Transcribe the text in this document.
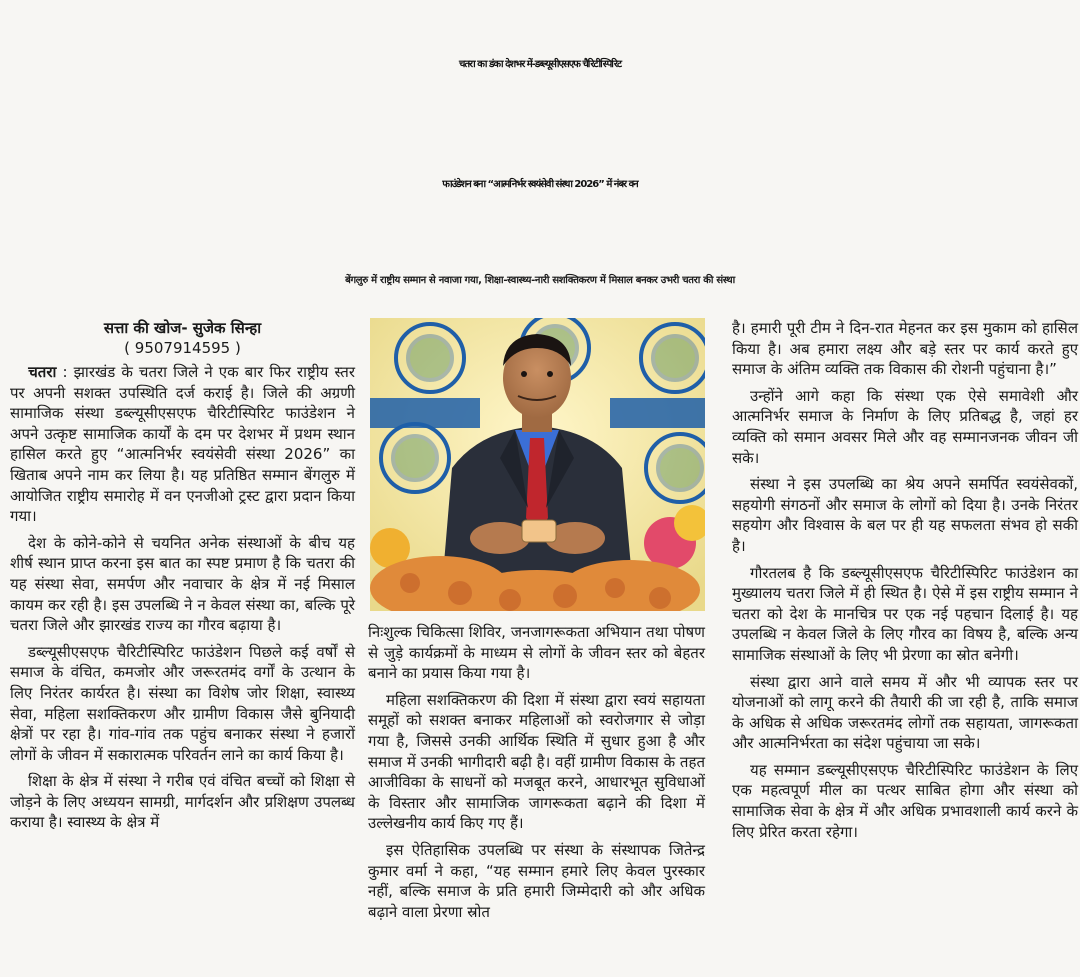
चतरा का डंका देशभर में-डब्ल्यूसीएसएफ चैरिटीस्पिरिट
फाउंडेशन बना “आत्मनिर्भर स्वयंसेवी संस्था 2026” में नंबर वन
बेंगलुरु में राष्ट्रीय सम्मान से नवाजा गया, शिक्षा-स्वास्थ्य-नारी सशक्तिकरण में मिसाल बनकर उभरी चतरा की संस्था
सत्ता की खोज- सुजेक सिन्हा
( 9507914595 )

चतरा : झारखंड के चतरा जिले ने एक बार फिर राष्ट्रीय स्तर पर अपनी सशक्त उपस्थिति दर्ज कराई है। जिले की अग्रणी सामाजिक संस्था डब्ल्यूसीएसएफ चैरिटीस्पिरिट फाउंडेशन ने अपने उत्कृष्ट सामाजिक कार्यों के दम पर देशभर में प्रथम स्थान हासिल करते हुए “आत्मनिर्भर स्वयंसेवी संस्था 2026” का खिताब अपने नाम कर लिया है। यह प्रतिष्ठित सम्मान बेंगलुरु में आयोजित राष्ट्रीय समारोह में वन एनजीओ ट्रस्ट द्वारा प्रदान किया गया।

देश के कोने-कोने से चयनित अनेक संस्थाओं के बीच यह शीर्ष स्थान प्राप्त करना इस बात का स्पष्ट प्रमाण है कि चतरा की यह संस्था सेवा, समर्पण और नवाचार के क्षेत्र में नई मिसाल कायम कर रही है। इस उपलब्धि ने न केवल संस्था का, बल्कि पूरे चतरा जिले और झारखंड राज्य का गौरव बढ़ाया है।

डब्ल्यूसीएसएफ चैरिटीस्पिरिट फाउंडेशन पिछले कई वर्षों से समाज के वंचित, कमजोर और जरूरतमंद वर्गों के उत्थान के लिए निरंतर कार्यरत है। संस्था का विशेष जोर शिक्षा, स्वास्थ्य सेवा, महिला सशक्तिकरण और ग्रामीण विकास जैसे बुनियादी क्षेत्रों पर रहा है। गांव-गांव तक पहुंच बनाकर संस्था ने हजारों लोगों के जीवन में सकारात्मक परिवर्तन लाने का कार्य किया है।

शिक्षा के क्षेत्र में संस्था ने गरीब एवं वंचित बच्चों को शिक्षा से जोड़ने के लिए अध्ययन सामग्री, मार्गदर्शन और प्रशिक्षण उपलब्ध कराया है। स्वास्थ्य के क्षेत्र में

निःशुल्क चिकित्सा शिविर, जनजागरूकता अभियान तथा पोषण से जुड़े कार्यक्रमों के माध्यम से लोगों के जीवन स्तर को बेहतर बनाने का प्रयास किया गया है।

महिला सशक्तिकरण की दिशा में संस्था द्वारा स्वयं सहायता समूहों को सशक्त बनाकर महिलाओं को स्वरोजगार से जोड़ा गया है, जिससे उनकी आर्थिक स्थिति में सुधार हुआ है और समाज में उनकी भागीदारी बढ़ी है। वहीं ग्रामीण विकास के तहत आजीविका के साधनों को मजबूत करने, आधारभूत सुविधाओं के विस्तार और सामाजिक जागरूकता बढ़ाने की दिशा में उल्लेखनीय कार्य किए गए हैं।

इस ऐतिहासिक उपलब्धि पर संस्था के संस्थापक जितेन्द्र कुमार वर्मा ने कहा, “यह सम्मान हमारे लिए केवल पुरस्कार नहीं, बल्कि समाज के प्रति हमारी जिम्मेदारी को और अधिक बढ़ाने वाला प्रेरणा स्रोत

है। हमारी पूरी टीम ने दिन-रात मेहनत कर इस मुकाम को हासिल किया है। अब हमारा लक्ष्य और बड़े स्तर पर कार्य करते हुए समाज के अंतिम व्यक्ति तक विकास की रोशनी पहुंचाना है।”

उन्होंने आगे कहा कि संस्था एक ऐसे समावेशी और आत्मनिर्भर समाज के निर्माण के लिए प्रतिबद्ध है, जहां हर व्यक्ति को समान अवसर मिले और वह सम्मानजनक जीवन जी सके।

संस्था ने इस उपलब्धि का श्रेय अपने समर्पित स्वयंसेवकों, सहयोगी संगठनों और समाज के लोगों को दिया है। उनके निरंतर सहयोग और विश्वास के बल पर ही यह सफलता संभव हो सकी है।

गौरतलब है कि डब्ल्यूसीएसएफ चैरिटीस्पिरिट फाउंडेशन का मुख्यालय चतरा जिले में ही स्थित है। ऐसे में इस राष्ट्रीय सम्मान ने चतरा को देश के मानचित्र पर एक नई पहचान दिलाई है। यह उपलब्धि न केवल जिले के लिए गौरव का विषय है, बल्कि अन्य सामाजिक संस्थाओं के लिए भी प्रेरणा का स्रोत बनेगी।

संस्था द्वारा आने वाले समय में और भी व्यापक स्तर पर योजनाओं को लागू करने की तैयारी की जा रही है, ताकि समाज के अधिक से अधिक जरूरतमंद लोगों तक सहायता, जागरूकता और आत्मनिर्भरता का संदेश पहुंचाया जा सके।

यह सम्मान डब्ल्यूसीएसएफ चैरिटीस्पिरिट फाउंडेशन के लिए एक महत्वपूर्ण मील का पत्थर साबित होगा और संस्था को सामाजिक सेवा के क्षेत्र में और अधिक प्रभावशाली कार्य करने के लिए प्रेरित करता रहेगा।
